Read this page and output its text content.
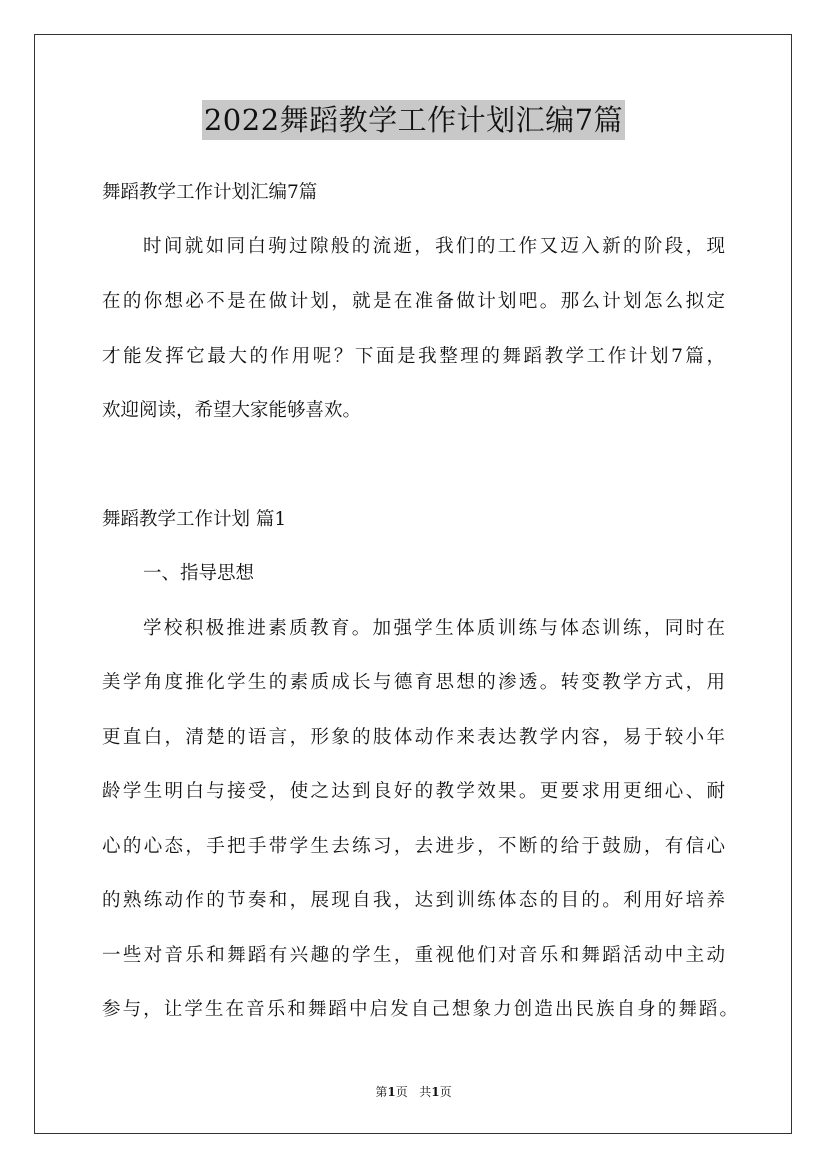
2022舞蹈教学工作计划汇编7篇
舞蹈教学工作计划汇编7篇
时间就如同白驹过隙般的流逝，我们的工作又迈入新的阶段，现
在的你想必不是在做计划，就是在准备做计划吧。那么计划怎么拟定
才能发挥它最大的作用呢？下面是我整理的舞蹈教学工作计划7篇，
欢迎阅读，希望大家能够喜欢。
舞蹈教学工作计划 篇1
一、指导思想
学校积极推进素质教育。加强学生体质训练与体态训练，同时在
美学角度推化学生的素质成长与德育思想的渗透。转变教学方式，用
更直白，清楚的语言，形象的肢体动作来表达教学内容，易于较小年
龄学生明白与接受，使之达到良好的教学效果。更要求用更细心、耐
心的心态，手把手带学生去练习，去进步，不断的给于鼓励，有信心
的熟练动作的节奏和，展现自我，达到训练体态的目的。利用好培养
一些对音乐和舞蹈有兴趣的学生，重视他们对音乐和舞蹈活动中主动
参与，让学生在音乐和舞蹈中启发自己想象力创造出民族自身的舞蹈。
第1页 共1页
